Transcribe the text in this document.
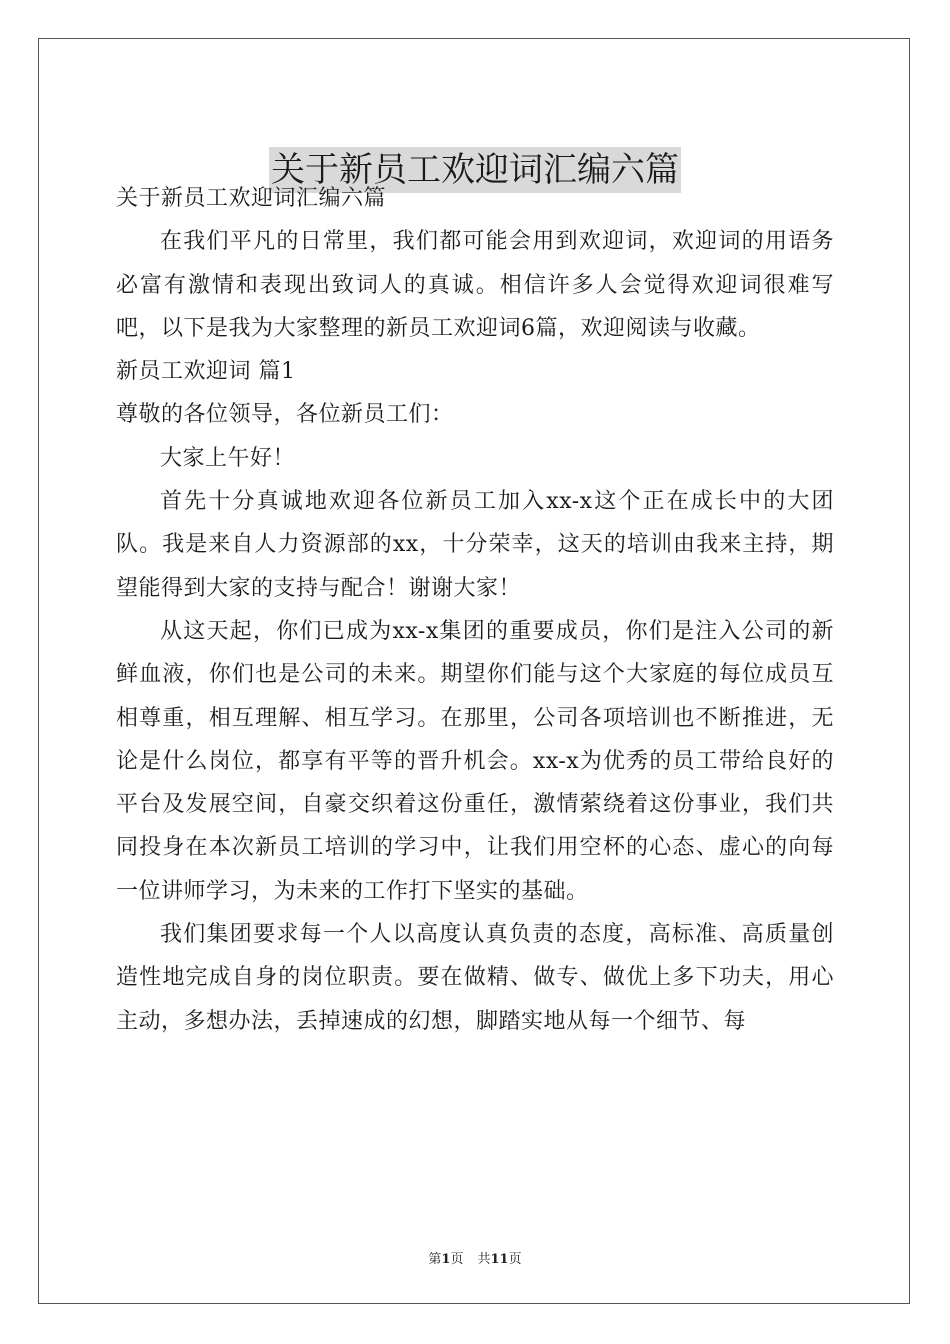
关于新员工欢迎词汇编六篇

关于新员工欢迎词汇编六篇

在我们平凡的日常里，我们都可能会用到欢迎词，欢迎词的用语务必富有激情和表现出致词人的真诚。相信许多人会觉得欢迎词很难写吧，以下是我为大家整理的新员工欢迎词6篇，欢迎阅读与收藏。

新员工欢迎词 篇1

尊敬的各位领导，各位新员工们：

大家上午好！

首先十分真诚地欢迎各位新员工加入xx-x这个正在成长中的大团队。我是来自人力资源部的xx，十分荣幸，这天的培训由我来主持，期望能得到大家的支持与配合！谢谢大家！

从这天起，你们已成为xx-x集团的重要成员，你们是注入公司的新鲜血液，你们也是公司的未来。期望你们能与这个大家庭的每位成员互相尊重，相互理解、相互学习。在那里，公司各项培训也不断推进，无论是什么岗位，都享有平等的晋升机会。xx-x为优秀的员工带给良好的平台及发展空间，自豪交织着这份重任，激情萦绕着这份事业，我们共同投身在本次新员工培训的学习中，让我们用空杯的心态、虚心的向每一位讲师学习，为未来的工作打下坚实的基础。

我们集团要求每一个人以高度认真负责的态度，高标准、高质量创造性地完成自身的岗位职责。要在做精、做专、做优上多下功夫，用心主动，多想办法，丢掉速成的幻想，脚踏实地从每一个细节、每

第1页 共11页
